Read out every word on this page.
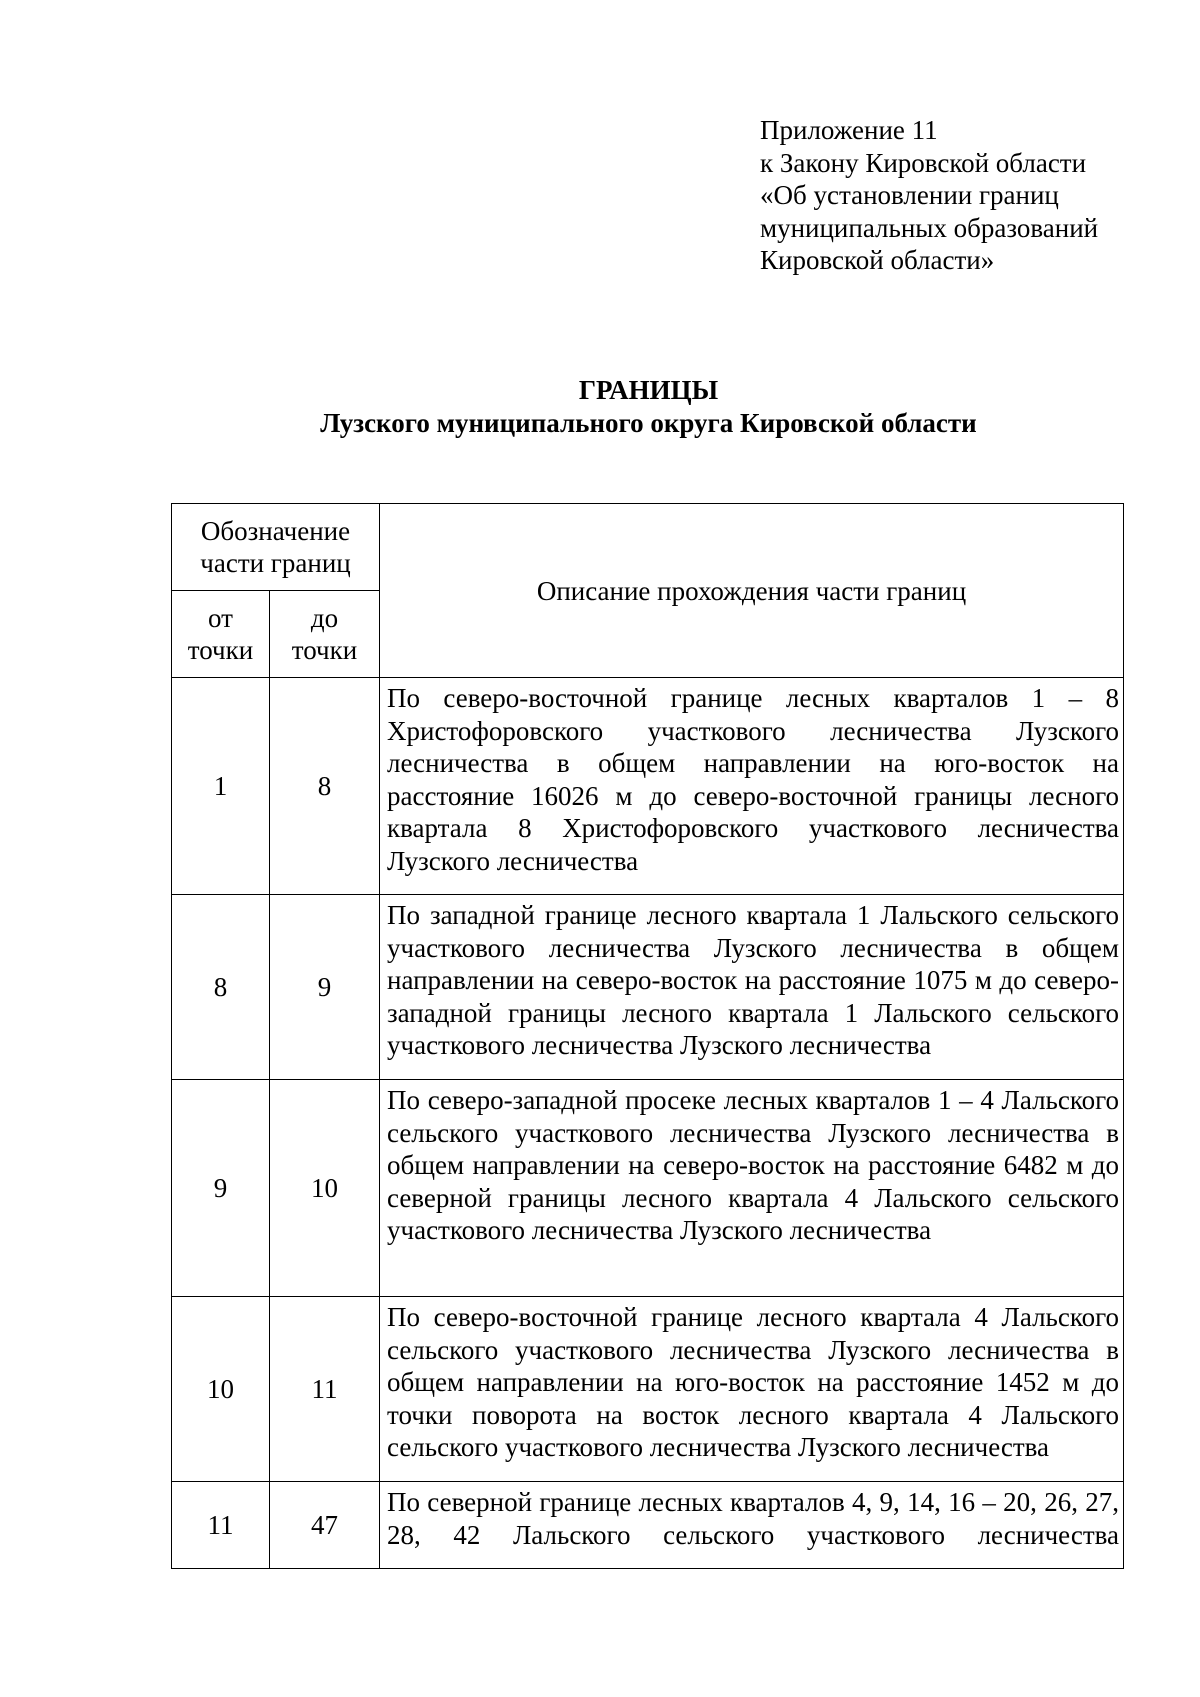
Приложение 11
к Закону Кировской области
«Об установлении границ
муниципальных образований
Кировской области»
ГРАНИЦЫ
Лузского муниципального округа Кировской области
Обозначение части границ		Описание прохождения части границ
от точки	до точки	
1	8	По северо-восточной границе лесных кварталов 1 – 8 Христофоровского участкового лесничества Лузского лесничества в общем направлении на юго-восток на расстояние 16026 м до северо-восточной границы лесного квартала 8 Христофоровского участкового лесничества Лузского лесничества
8	9	По западной границе лесного квартала 1 Лальского сельского участкового лесничества Лузского лесничества в общем направлении на северо-восток на расстояние 1075 м до северо-западной границы лесного квартала 1 Лальского сельского участкового лесничества Лузского лесничества
9	10	По северо-западной просеке лесных кварталов 1 – 4 Лальского сельского участкового лесничества Лузского лесничества в общем направлении на северо-восток на расстояние 6482 м до северной границы лесного квартала 4 Лальского сельского участкового лесничества Лузского лесничества
10	11	По северо-восточной границе лесного квартала 4 Лальского сельского участкового лесничества Лузского лесничества в общем направлении на юго-восток на расстояние 1452 м до точки поворота на восток лесного квартала 4 Лальского сельского участкового лесничества Лузского лесничества
11	47	По северной границе лесных кварталов 4, 9, 14, 16 – 20, 26, 27, 28, 42 Лальского сельского участкового лесничества
